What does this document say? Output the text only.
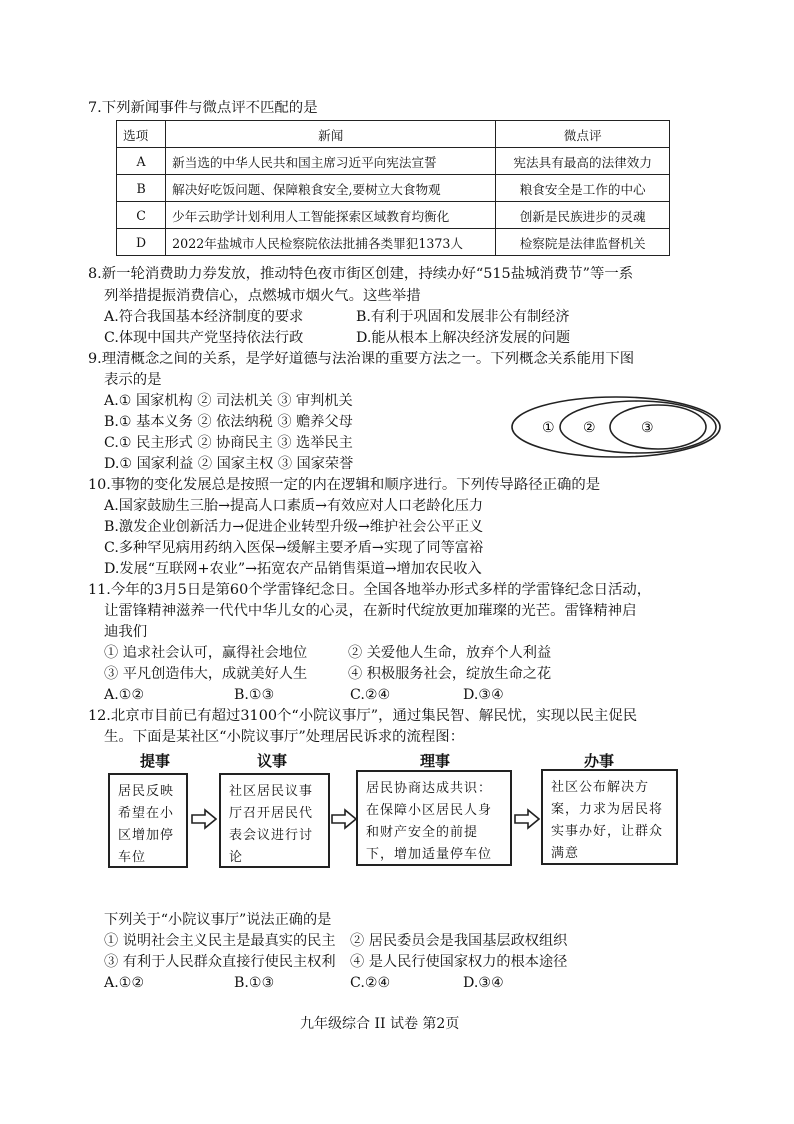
7.下列新闻事件与微点评不匹配的是
选项	新闻	微点评
A	新当选的中华人民共和国主席习近平向宪法宣誓	宪法具有最高的法律效力
B	解决好吃饭问题、保障粮食安全,要树立大食物观	粮食安全是工作的中心
C	少年云助学计划利用人工智能探索区域教育均衡化	创新是民族进步的灵魂
D	2022年盐城市人民检察院依法批捕各类罪犯1373人	检察院是法律监督机关
8.新一轮消费助力券发放，推动特色夜市街区创建，持续办好“515盐城消费节”等一系
列举措提振消费信心，点燃城市烟火气。这些举措
A.符合我国基本经济制度的要求	B.有利于巩固和发展非公有制经济
C.体现中国共产党坚持依法行政	D.能从根本上解决经济发展的问题
9.理清概念之间的关系，是学好道德与法治课的重要方法之一。下列概念关系能用下图
表示的是
A.① 国家机构 ② 司法机关 ③ 审判机关
B.① 基本义务 ② 依法纳税 ③ 赡养父母
C.① 民主形式 ② 协商民主 ③ 选举民主
D.① 国家利益 ② 国家主权 ③ 国家荣誉
① ②	③
10.事物的变化发展总是按照一定的内在逻辑和顺序进行。下列传导路径正确的是
A.国家鼓励生三胎→提高人口素质→有效应对人口老龄化压力
B.激发企业创新活力→促进企业转型升级→维护社会公平正义
C.多种罕见病用药纳入医保→缓解主要矛盾→实现了同等富裕
D.发展“互联网+农业”→拓宽农产品销售渠道→增加农民收入
11.今年的3月5日是第60个学雷锋纪念日。全国各地举办形式多样的学雷锋纪念日活动，
让雷锋精神滋养一代代中华儿女的心灵，在新时代绽放更加璀璨的光芒。雷锋精神启
迪我们
① 追求社会认可，赢得社会地位	② 关爱他人生命，放弃个人利益
③ 平凡创造伟大，成就美好人生	④ 积极服务社会，绽放生命之花
A.①②	B.①③	C.②④	D.③④
12.北京市目前已有超过3100个“小院议事厅”，通过集民智、解民忧，实现以民主促民
生。下面是某社区“小院议事厅”处理居民诉求的流程图：
提事	议事	理事	办事
居民反映希望在小区增加停车位
社区居民议事厅召开居民代表会议进行讨论
居民协商达成共识：在保障小区居民人身和财产安全的前提下，增加适量停车位
社区公布解决方案，力求为居民将实事办好，让群众满意
下列关于“小院议事厅”说法正确的是
① 说明社会主义民主是最真实的民主 ② 居民委员会是我国基层政权组织
③ 有利于人民群众直接行使民主权利 ④ 是人民行使国家权力的根本途径
A.①②	B.①③	C.②④	D.③④
九年级综合 II 试卷 第2页
